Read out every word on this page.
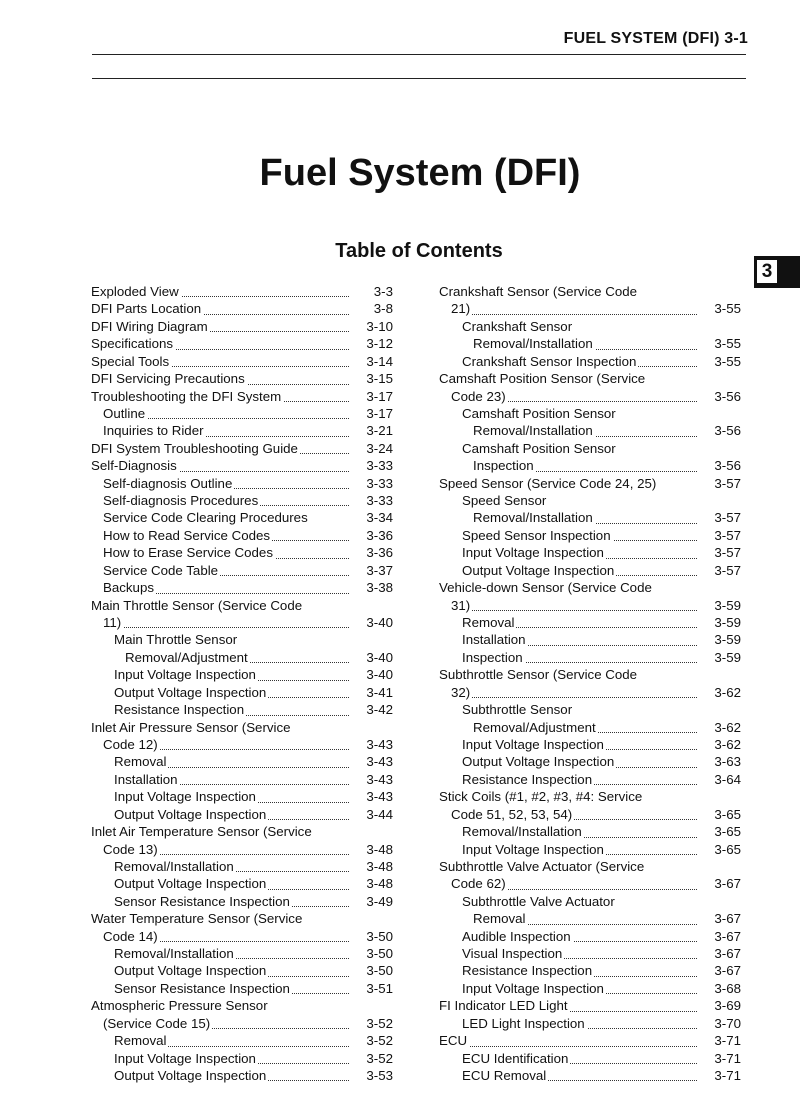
FUEL SYSTEM (DFI) 3-1
Fuel System (DFI)
Table of Contents
3
Exploded View	3-3
DFI Parts Location	3-8
DFI Wiring Diagram	3-10
Specifications	3-12
Special Tools	3-14
DFI Servicing Precautions	3-15
Troubleshooting the DFI System	3-17
Outline	3-17
Inquiries to Rider	3-21
DFI System Troubleshooting Guide	3-24
Self-Diagnosis	3-33
Self-diagnosis Outline	3-33
Self-diagnosis Procedures	3-33
Service Code Clearing Procedures	3-34
How to Read Service Codes	3-36
How to Erase Service Codes	3-36
Service Code Table	3-37
Backups	3-38
Main Throttle Sensor (Service Code
11)	3-40
Main Throttle Sensor
Removal/Adjustment	3-40
Input Voltage Inspection	3-40
Output Voltage Inspection	3-41
Resistance Inspection	3-42
Inlet Air Pressure Sensor (Service
Code 12)	3-43
Removal	3-43
Installation	3-43
Input Voltage Inspection	3-43
Output Voltage Inspection	3-44
Inlet Air Temperature Sensor (Service
Code 13)	3-48
Removal/Installation	3-48
Output Voltage Inspection	3-48
Sensor Resistance Inspection	3-49
Water Temperature Sensor (Service
Code 14)	3-50
Removal/Installation	3-50
Output Voltage Inspection	3-50
Sensor Resistance Inspection	3-51
Atmospheric Pressure Sensor
(Service Code 15)	3-52
Removal	3-52
Input Voltage Inspection	3-52
Output Voltage Inspection	3-53
Crankshaft Sensor (Service Code
21)	3-55
Crankshaft Sensor
Removal/Installation	3-55
Crankshaft Sensor Inspection	3-55
Camshaft Position Sensor (Service
Code 23)	3-56
Camshaft Position Sensor
Removal/Installation	3-56
Camshaft Position Sensor
Inspection	3-56
Speed Sensor (Service Code 24, 25)	3-57
Speed Sensor
Removal/Installation	3-57
Speed Sensor Inspection	3-57
Input Voltage Inspection	3-57
Output Voltage Inspection	3-57
Vehicle-down Sensor (Service Code
31)	3-59
Removal	3-59
Installation	3-59
Inspection	3-59
Subthrottle Sensor (Service Code
32)	3-62
Subthrottle Sensor
Removal/Adjustment	3-62
Input Voltage Inspection	3-62
Output Voltage Inspection	3-63
Resistance Inspection	3-64
Stick Coils (#1, #2, #3, #4: Service
Code 51, 52, 53, 54)	3-65
Removal/Installation	3-65
Input Voltage Inspection	3-65
Subthrottle Valve Actuator (Service
Code 62)	3-67
Subthrottle Valve Actuator
Removal	3-67
Audible Inspection	3-67
Visual Inspection	3-67
Resistance Inspection	3-67
Input Voltage Inspection	3-68
FI Indicator LED Light	3-69
LED Light Inspection	3-70
ECU	3-71
ECU Identification	3-71
ECU Removal	3-71
